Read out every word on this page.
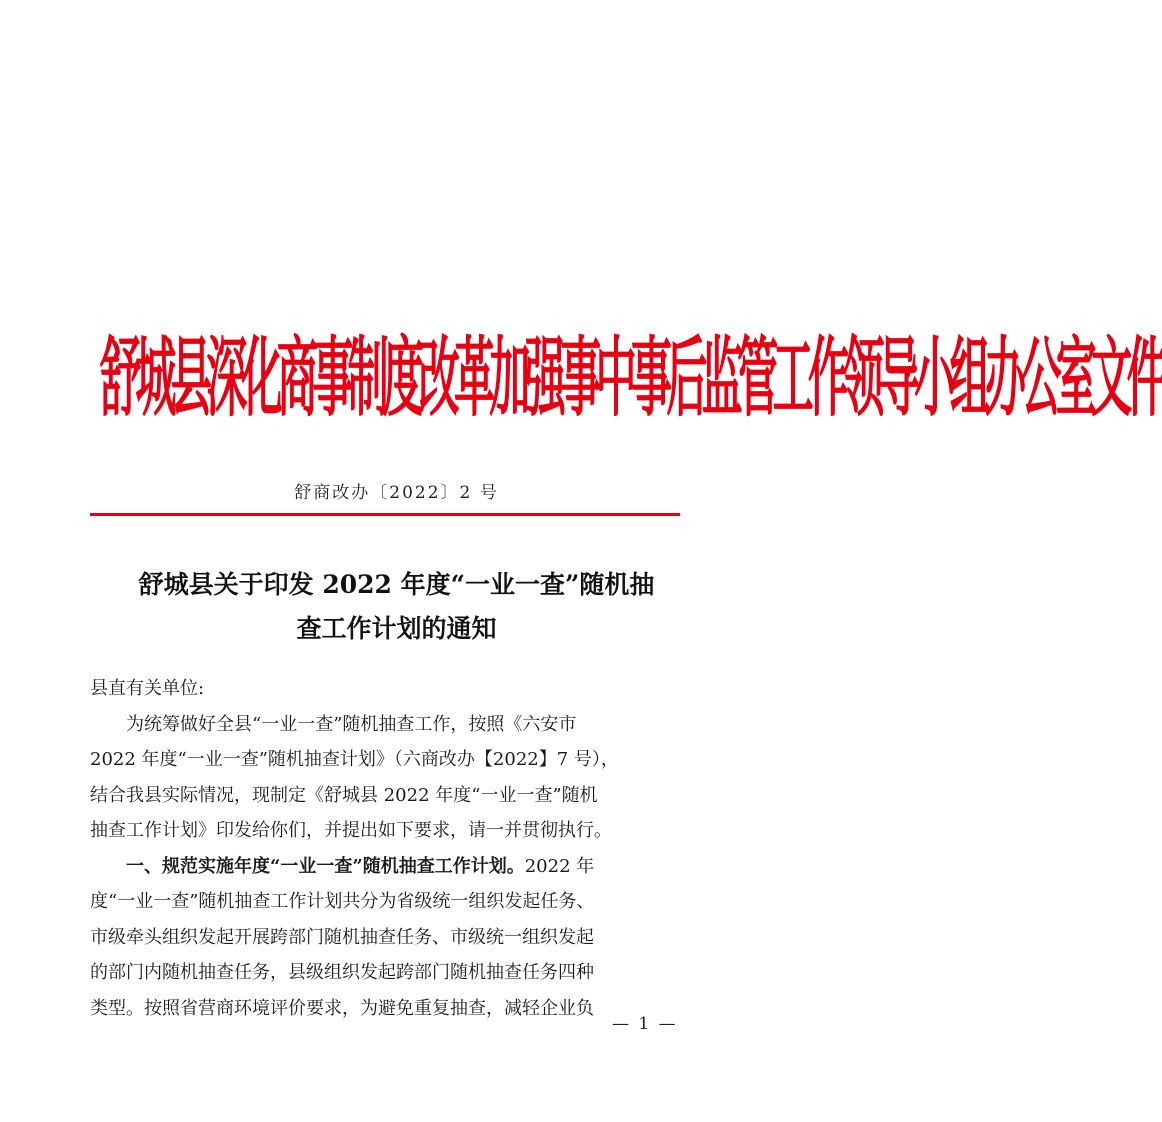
舒城县深化商事制度改革加强事中事后监管工作领导小组办公室文件
舒商改办〔2022〕2 号
舒城县关于印发 2022 年度“一业一查”随机抽
查工作计划的通知
县直有关单位:
为统筹做好全县“一业一查”随机抽查工作，按照《六安市
2022 年度“一业一查”随机抽查计划》（六商改办【2022】7 号），
结合我县实际情况，现制定《舒城县 2022 年度“一业一查”随机
抽查工作计划》印发给你们，并提出如下要求，请一并贯彻执行。
一、规范实施年度“一业一查”随机抽查工作计划。2022 年
度“一业一查”随机抽查工作计划共分为省级统一组织发起任务、
市级牵头组织发起开展跨部门随机抽查任务、市级统一组织发起
的部门内随机抽查任务，县级组织发起跨部门随机抽查任务四种
类型。按照省营商环境评价要求，为避免重复抽查，减轻企业负
— 1 —
